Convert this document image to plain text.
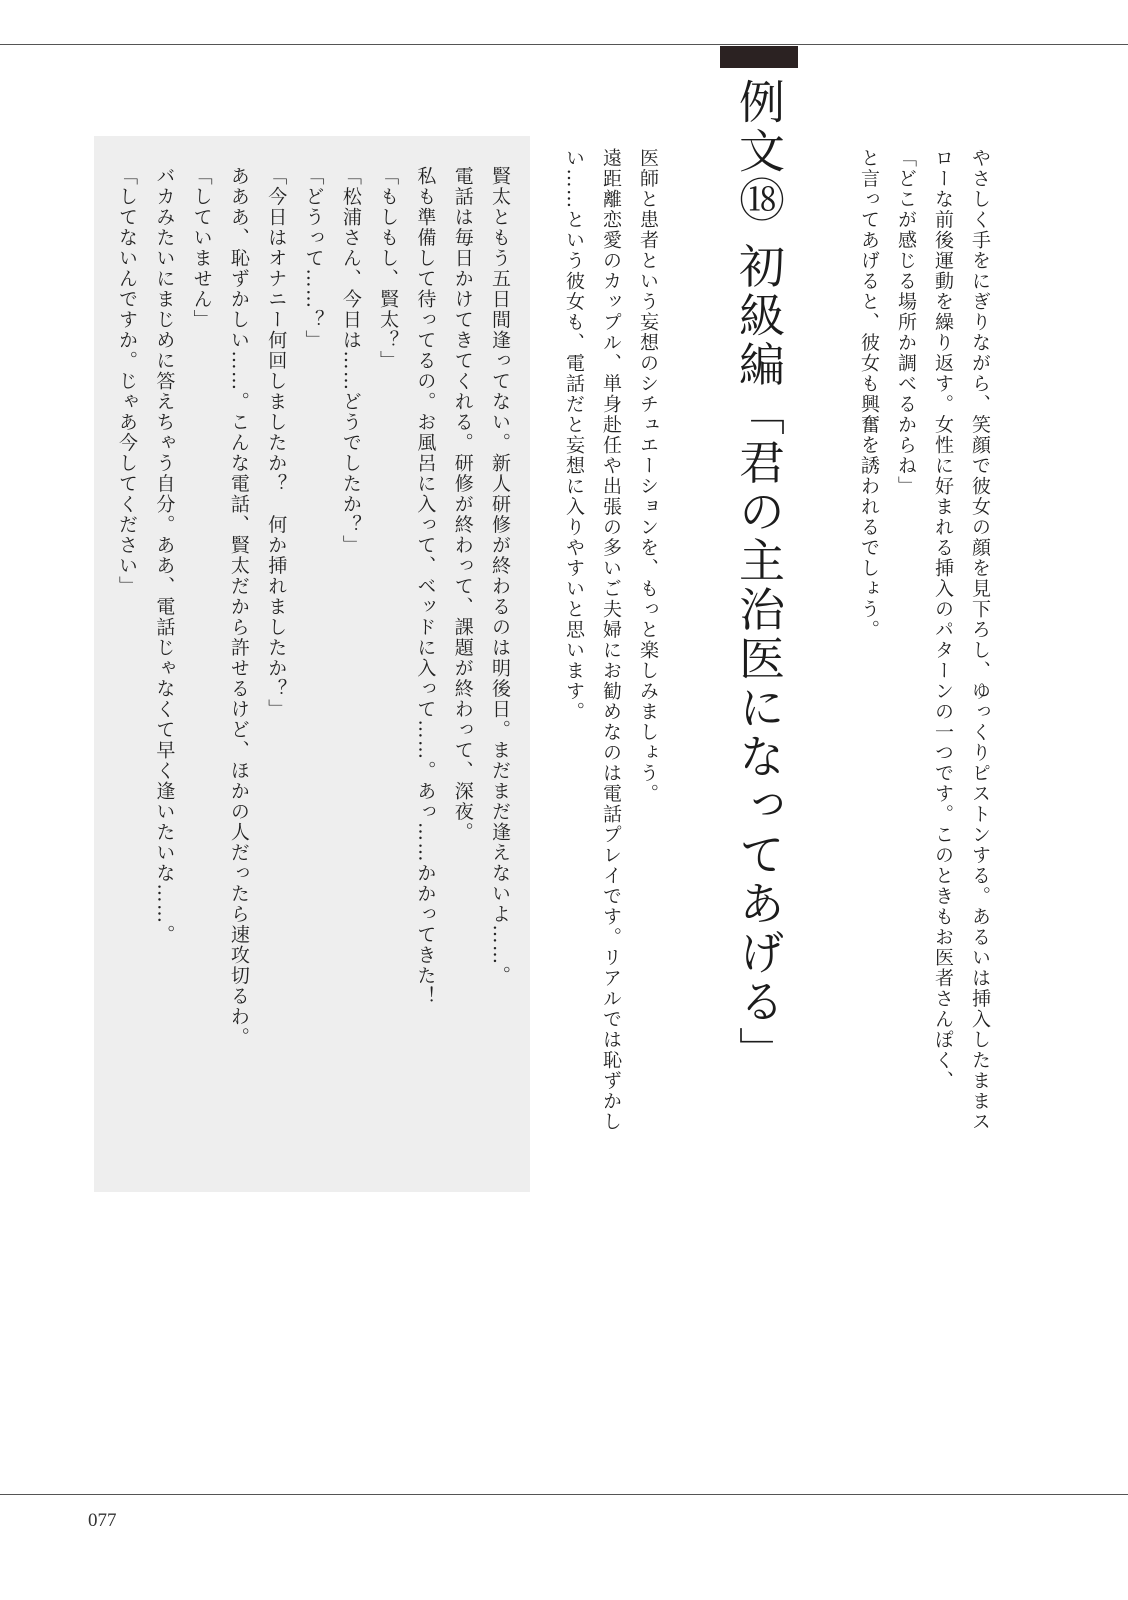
例文⑱ 初級編「君の主治医になってあげる」	やさしく手をにぎりながら、笑顔で彼女の顔を見下ろし、ゆっくりピストンする。あるいは挿入したままス
ローな前後運動を繰り返す。女性に好まれる挿入のパターンの一つです。このときもお医者さんぽく、
「どこが感じる場所か調べるからね」
と言ってあげると、彼女も興奮を誘われるでしょう。
医師と患者という妄想のシチュエーションを、もっと楽しみましょう。
遠距離恋愛のカップル、単身赴任や出張の多いご夫婦にお勧めなのは電話プレイです。リアルでは恥ずかし
い……という彼女も、電話だと妄想に入りやすいと思います。
賢太ともう五日間逢ってない。新人研修が終わるのは明後日。まだまだ逢えないよ……。
電話は毎日かけてきてくれる。研修が終わって、課題が終わって、深夜。
私も準備して待ってるの。お風呂に入って、ベッドに入って……。あっ……かかってきた！
「もしもし、賢太？」
「松浦さん、今日は……どうでしたか？」
「どうって……？」
「今日はオナニー何回しましたか？　何か挿れましたか？」
あああ、恥ずかしい……。こんな電話、賢太だから許せるけど、ほかの人だったら速攻切るわ。
「していません」
バカみたいにまじめに答えちゃう自分。ああ、電話じゃなくて早く逢いたいな……。
「してないんですか。じゃあ今してください」
077
